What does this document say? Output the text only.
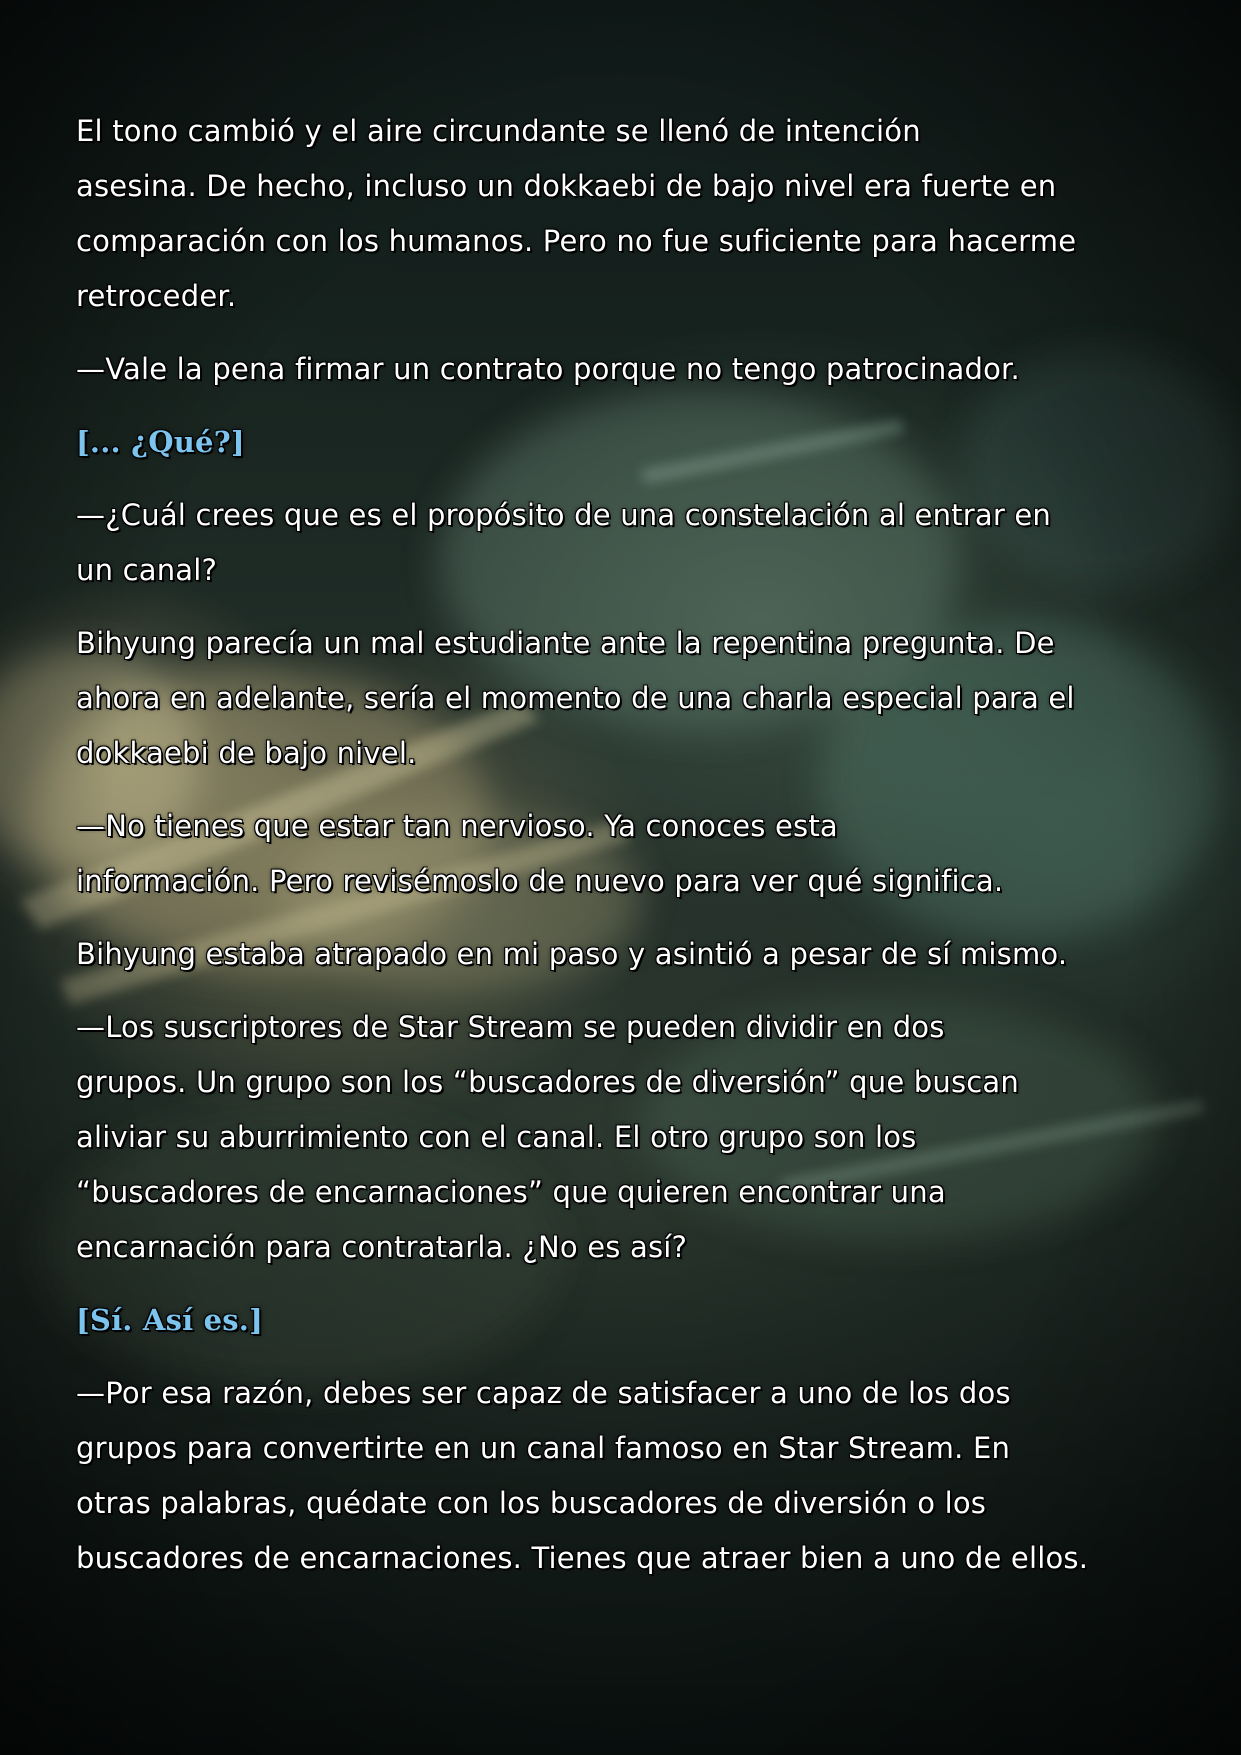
El tono cambió y el aire circundante se llenó de intención
asesina. De hecho, incluso un dokkaebi de bajo nivel era fuerte en
comparación con los humanos. Pero no fue suficiente para hacerme
retroceder.

—Vale la pena firmar un contrato porque no tengo patrocinador.

[... ¿Qué?]

—¿Cuál crees que es el propósito de una constelación al entrar en
un canal?

Bihyung parecía un mal estudiante ante la repentina pregunta. De
ahora en adelante, sería el momento de una charla especial para el
dokkaebi de bajo nivel.

—No tienes que estar tan nervioso. Ya conoces esta
información. Pero revisémoslo de nuevo para ver qué significa.

Bihyung estaba atrapado en mi paso y asintió a pesar de sí mismo.

—Los suscriptores de Star Stream se pueden dividir en dos
grupos. Un grupo son los “buscadores de diversión” que buscan
aliviar su aburrimiento con el canal. El otro grupo son los
“buscadores de encarnaciones” que quieren encontrar una
encarnación para contratarla. ¿No es así?

[Sí. Así es.]

—Por esa razón, debes ser capaz de satisfacer a uno de los dos
grupos para convertirte en un canal famoso en Star Stream. En
otras palabras, quédate con los buscadores de diversión o los
buscadores de encarnaciones. Tienes que atraer bien a uno de ellos.
